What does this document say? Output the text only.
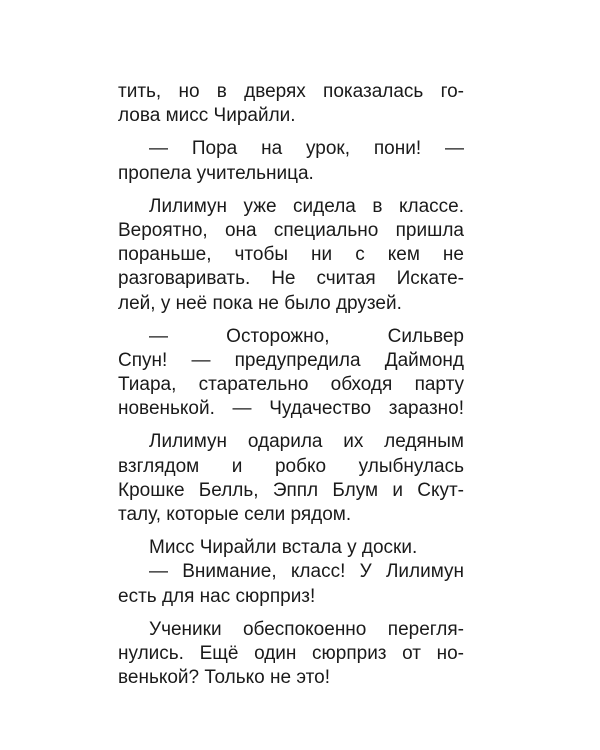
тить, но в дверях показалась го-
лова мисс Чирайли.
— Пора на урок, пони! —
пропела учительница.
Лилимун уже сидела в классе.
Вероятно, она специально пришла
пораньше, чтобы ни с кем не
разговаривать. Не считая Искате-
лей, у неё пока не было друзей.
— Осторожно, Сильвер
Спун! — предупредила Даймонд
Тиара, старательно обходя парту
новенькой. — Чудачество заразно!
Лилимун одарила их ледяным
взглядом и робко улыбнулась
Крошке Белль, Эппл Блум и Скут-
талу, которые сели рядом.
Мисс Чирайли встала у доски.
— Внимание, класс! У Лилимун
есть для нас сюрприз!
Ученики обеспокоенно перегля-
нулись. Ещё один сюрприз от но-
венькой? Только не это!
